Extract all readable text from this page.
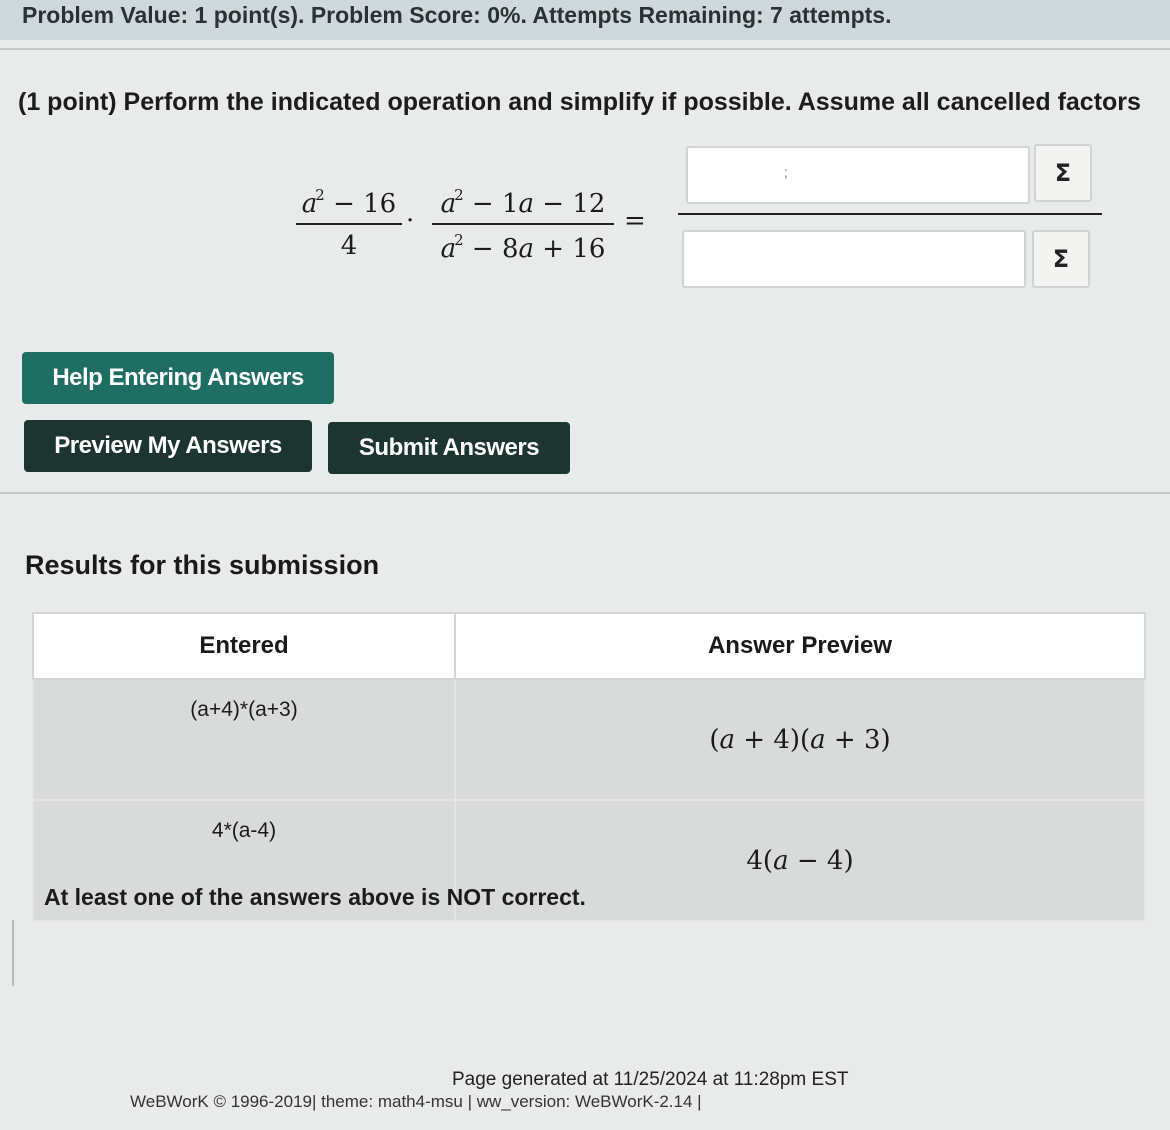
Problem Value: 1 point(s). Problem Score: 0%. Attempts Remaining: 7 attempts.
(1 point) Perform the indicated operation and simplify if possible. Assume all cancelled factors
$a^2 - 16$
4
·
$a^2 - 1a - 12$
$a^2 - 8a + 16$
=
;	Σ
Σ
Help Entering Answers
Preview My Answers	Submit Answers
Results for this submission
Entered	Answer Preview
(a+4)*(a+3)	(a + 4)(a + 3)
4*(a-4)	4(a − 4)
At least one of the answers above is NOT correct.
Page generated at 11/25/2024 at 11:28pm EST
WeBWorK © 1996-2019| theme: math4-msu | ww_version: WeBWorK-2.14 |
